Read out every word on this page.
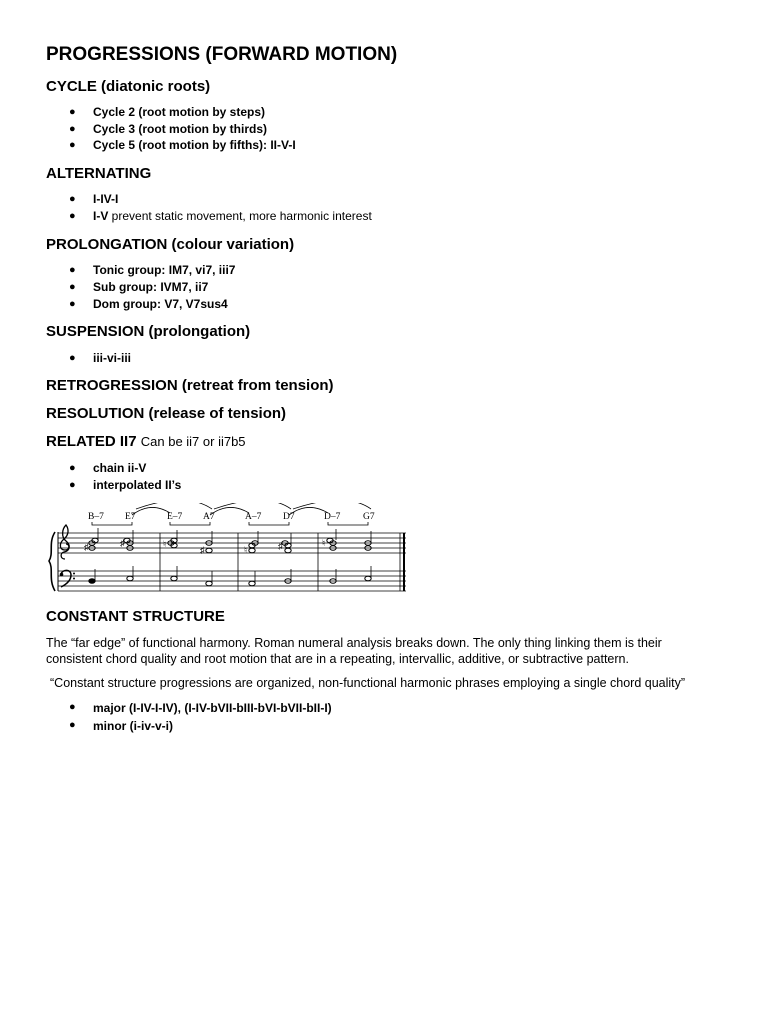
PROGRESSIONS (FORWARD MOTION)
CYCLE (diatonic roots)
● Cycle 2 (root motion by steps)
● Cycle 3 (root motion by thirds)
● Cycle 5 (root motion by fifths): II-V-I
ALTERNATING
● I-IV-I
● I-V prevent static movement, more harmonic interest
PROLONGATION (colour variation)
● Tonic group: IM7, vi7, iii7
● Sub group: IVM7, ii7
● Dom group: V7, V7sus4
SUSPENSION (prolongation)
● iii-vi-iii
RETROGRESSION (retreat from tension)
RESOLUTION (release of tension)
RELATED II7 Can be ii7 or ii7b5
● chain ii-V
● interpolated II’s
B–7 E7	E–7 A7	A–7 D7	D–7 G7
♯	♯	♮
♯	♮	♯	♮
CONSTANT STRUCTURE

The “far edge” of functional harmony. Roman numeral analysis breaks down. The only thing linking them is their consistent chord quality and root motion that are in a repeating, intervallic, additive, or subtractive pattern.

“Constant structure progressions are organized, non-functional harmonic phrases employing a single chord quality”

● major (I-IV-I-IV), (I-IV-bVII-bIII-bVI-bVII-bII-I)
● minor (i-iv-v-i)
